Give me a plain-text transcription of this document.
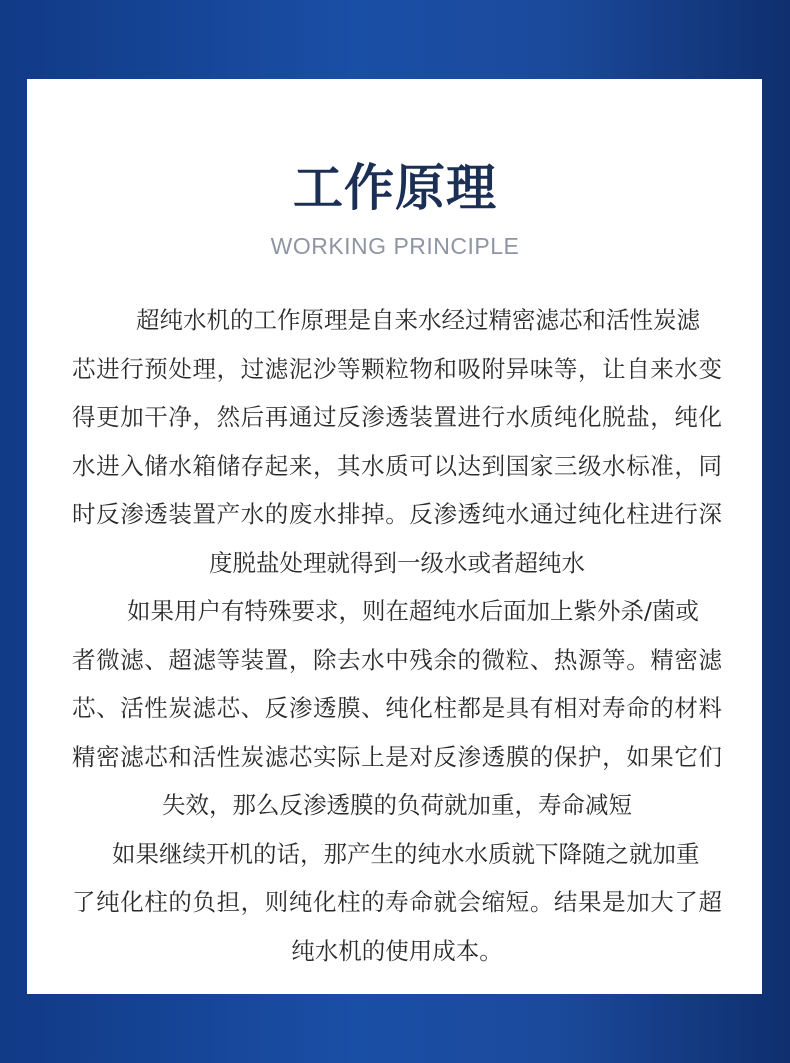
工作原理
WORKING PRINCIPLE

超纯水机的工作原理是自来水经过精密滤芯和活性炭滤
芯进行预处理，过滤泥沙等颗粒物和吸附异味等，让自来水变
得更加干净，然后再通过反渗透装置进行水质纯化脱盐，纯化
水进入储水箱储存起来，其水质可以达到国家三级水标准，同
时反渗透装置产水的废水排掉。反渗透纯水通过纯化柱进行深
度脱盐处理就得到一级水或者超纯水

如果用户有特殊要求，则在超纯水后面加上紫外杀/菌或
者微滤、超滤等装置，除去水中残余的微粒、热源等。精密滤
芯、活性炭滤芯、反渗透膜、纯化柱都是具有相对寿命的材料
精密滤芯和活性炭滤芯实际上是对反渗透膜的保护，如果它们
失效，那么反渗透膜的负荷就加重，寿命减短

如果继续开机的话，那产生的纯水水质就下降随之就加重
了纯化柱的负担，则纯化柱的寿命就会缩短。结果是加大了超
纯水机的使用成本。
